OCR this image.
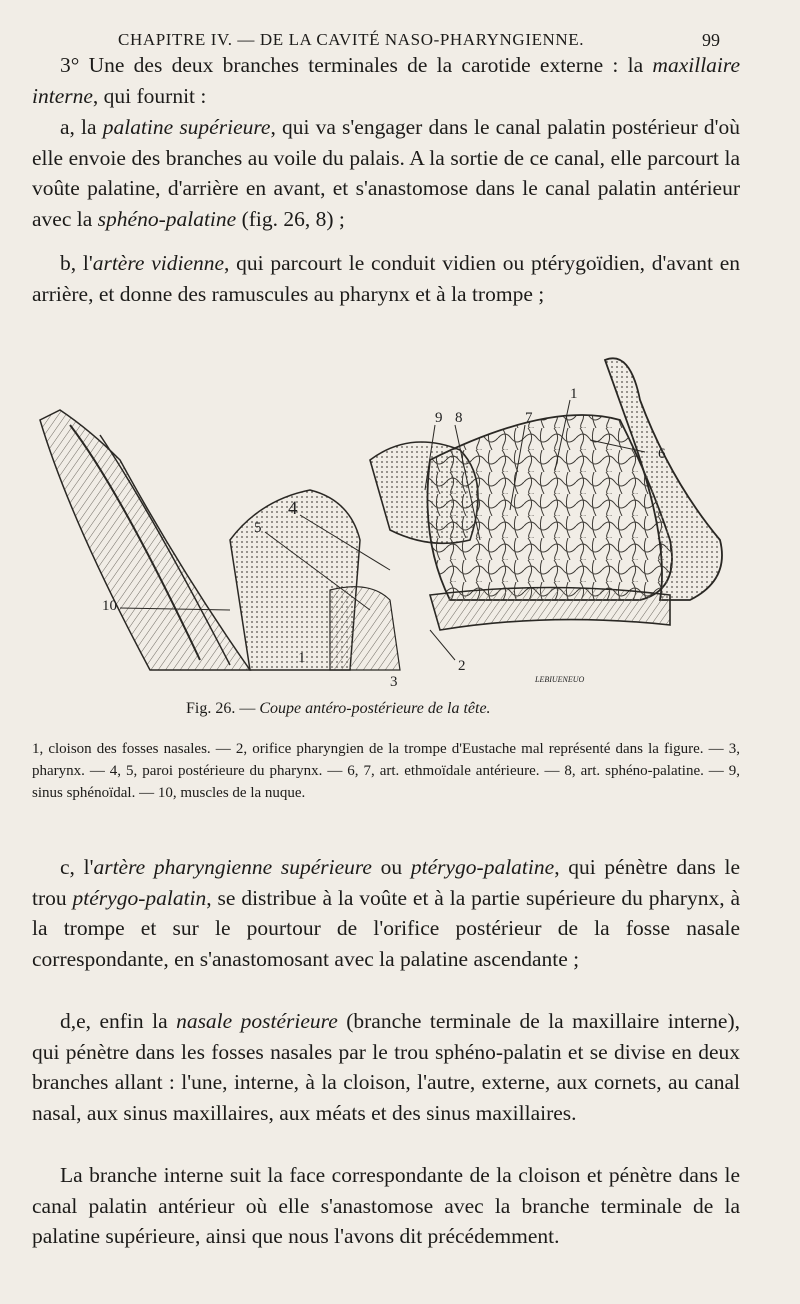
CHAPITRE IV. — DE LA CAVITÉ NASO-PHARYNGIENNE.	99

3° Une des deux branches terminales de la carotide externe : la maxillaire interne, qui fournit :

a, la palatine supérieure, qui va s'engager dans le canal palatin postérieur d'où elle envoie des branches au voile du palais. A la sortie de ce canal, elle parcourt la voûte palatine, d'arrière en avant, et s'anastomose dans le canal palatin antérieur avec la sphéno-palatine (fig. 26, 8) ;

b, l'artère vidienne, qui parcourt le conduit vidien ou ptérygoïdien, d'avant en arrière, et donne des ramuscules au pharynx et à la trompe ;

10
5
4
1
3
2
9 8	7
1
6
LEBIUENEUO
Fig. 26. — Coupe antéro-postérieure de la tête.
1, cloison des fosses nasales. — 2, orifice pharyngien de la trompe d'Eustache mal représenté dans la figure. — 3, pharynx. — 4, 5, paroi postérieure du pharynx. — 6, 7, art. ethmoïdale antérieure. — 8, art. sphéno-palatine. — 9, sinus sphénoïdal. — 10, muscles de la nuque.

c, l'artère pharyngienne supérieure ou ptérygo-palatine, qui pénètre dans le trou ptérygo-palatin, se distribue à la voûte et à la partie supérieure du pharynx, à la trompe et sur le pourtour de l'orifice postérieur de la fosse nasale correspondante, en s'anastomosant avec la palatine ascendante ;

d,e, enfin la nasale postérieure (branche terminale de la maxillaire interne), qui pénètre dans les fosses nasales par le trou sphéno-palatin et se divise en deux branches allant : l'une, interne, à la cloison, l'autre, externe, aux cornets, au canal nasal, aux sinus maxillaires, aux méats et des sinus maxillaires.

La branche interne suit la face correspondante de la cloison et pénètre dans le canal palatin antérieur où elle s'anastomose avec la branche terminale de la palatine supérieure, ainsi que nous l'avons dit précédemment.
